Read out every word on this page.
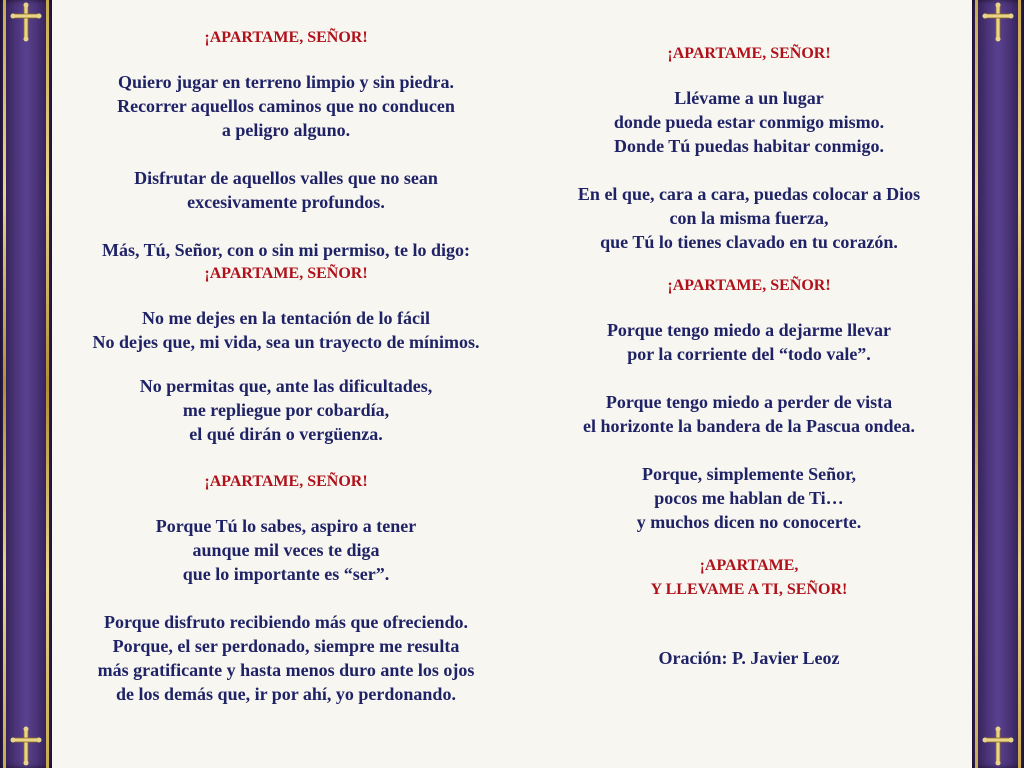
¡APARTAME, SEÑOR!
Quiero jugar en terreno limpio y sin piedra.
Recorrer aquellos caminos que no conducen
a peligro alguno.
Disfrutar de aquellos valles que no sean
excesivamente profundos.
Más, Tú, Señor, con o sin mi permiso, te lo digo:
¡APARTAME, SEÑOR!
No me dejes en la tentación de lo fácil
No dejes que, mi vida, sea un trayecto de mínimos.
No permitas que, ante las dificultades,
me repliegue por cobardía,
el qué dirán o vergüenza.
¡APARTAME, SEÑOR!
Porque Tú lo sabes, aspiro a tener
aunque mil veces te diga
que lo importante es “ser”.
Porque disfruto recibiendo más que ofreciendo.
Porque, el ser perdonado, siempre me resulta
más gratificante y hasta menos duro ante los ojos
de los demás que, ir por ahí, yo perdonando.
¡APARTAME, SEÑOR!
Llévame a un lugar
donde pueda estar conmigo mismo.
Donde Tú puedas habitar conmigo.
En el que, cara a cara, puedas colocar a Dios
con la misma fuerza,
que Tú lo tienes clavado en tu corazón.
¡APARTAME, SEÑOR!
Porque tengo miedo a dejarme llevar
por la corriente del “todo vale”.
Porque tengo miedo a perder de vista
el horizonte la bandera de la Pascua ondea.
Porque, simplemente Señor,
pocos me hablan de Ti…
y muchos dicen no conocerte.
¡APARTAME,
Y LLEVAME A TI, SEÑOR!
Oración: P. Javier Leoz
